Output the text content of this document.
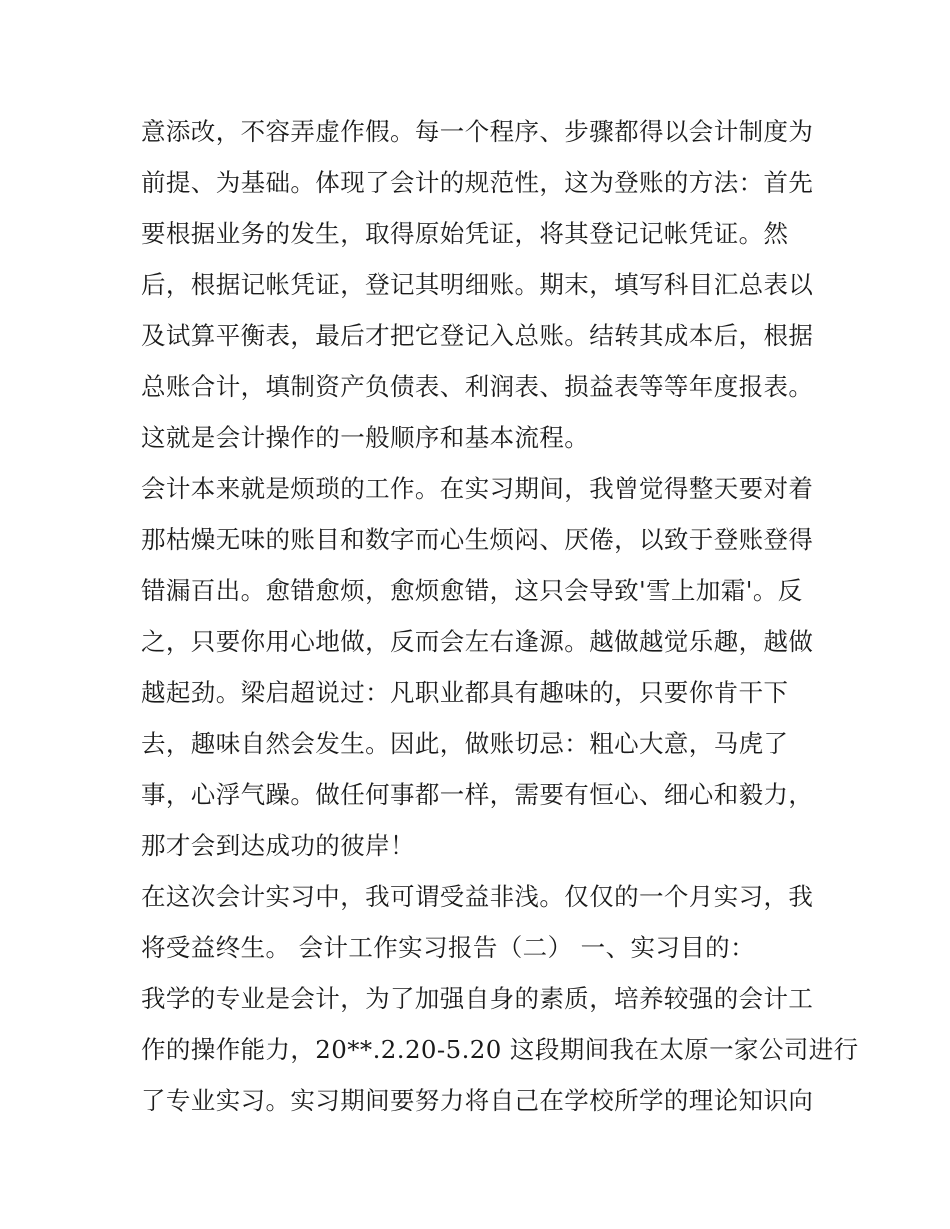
意添改，不容弄虚作假。每一个程序、步骤都得以会计制度为
前提、为基础。体现了会计的规范性，这为登账的方法：首先
要根据业务的发生，取得原始凭证，将其登记记帐凭证。然
后，根据记帐凭证，登记其明细账。期末，填写科目汇总表以
及试算平衡表，最后才把它登记入总账。结转其成本后，根据
总账合计，填制资产负债表、利润表、损益表等等年度报表。
这就是会计操作的一般顺序和基本流程。
会计本来就是烦琐的工作。在实习期间，我曾觉得整天要对着
那枯燥无味的账目和数字而心生烦闷、厌倦，以致于登账登得
错漏百出。愈错愈烦，愈烦愈错，这只会导致'雪上加霜'。反
之，只要你用心地做，反而会左右逢源。越做越觉乐趣，越做
越起劲。梁启超说过：凡职业都具有趣味的，只要你肯干下
去，趣味自然会发生。因此，做账切忌：粗心大意，马虎了
事，心浮气躁。做任何事都一样，需要有恒心、细心和毅力，
那才会到达成功的彼岸！
在这次会计实习中，我可谓受益非浅。仅仅的一个月实习，我
将受益终生。 会计工作实习报告（二） 一、实习目的：
我学的专业是会计，为了加强自身的素质，培养较强的会计工
作的操作能力，20**.2.20-5.20 这段期间我在太原一家公司进行
了专业实习。实习期间要努力将自己在学校所学的理论知识向
